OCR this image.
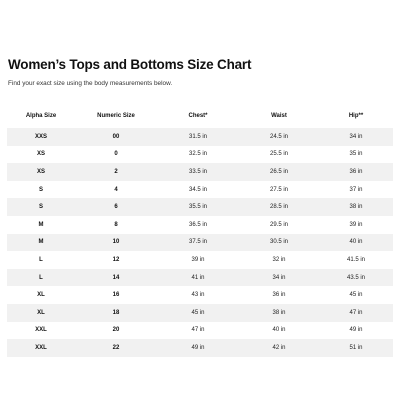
Women’s Tops and Bottoms Size Chart
Find your exact size using the body measurements below.
Alpha Size	Numeric Size	Chest*	Waist	Hip**
XXS	00	31.5 in	24.5 in	34 in
XS	0	32.5 in	25.5 in	35 in
XS	2	33.5 in	26.5 in	36 in
S	4	34.5 in	27.5 in	37 in
S	6	35.5 in	28.5 in	38 in
M	8	36.5 in	29.5 in	39 in
M	10	37.5 in	30.5 in	40 in
L	12	39 in	32 in	41.5 in
L	14	41 in	34 in	43.5 in
XL	16	43 in	36 in	45 in
XL	18	45 in	38 in	47 in
XXL	20	47 in	40 in	49 in
XXL	22	49 in	42 in	51 in
